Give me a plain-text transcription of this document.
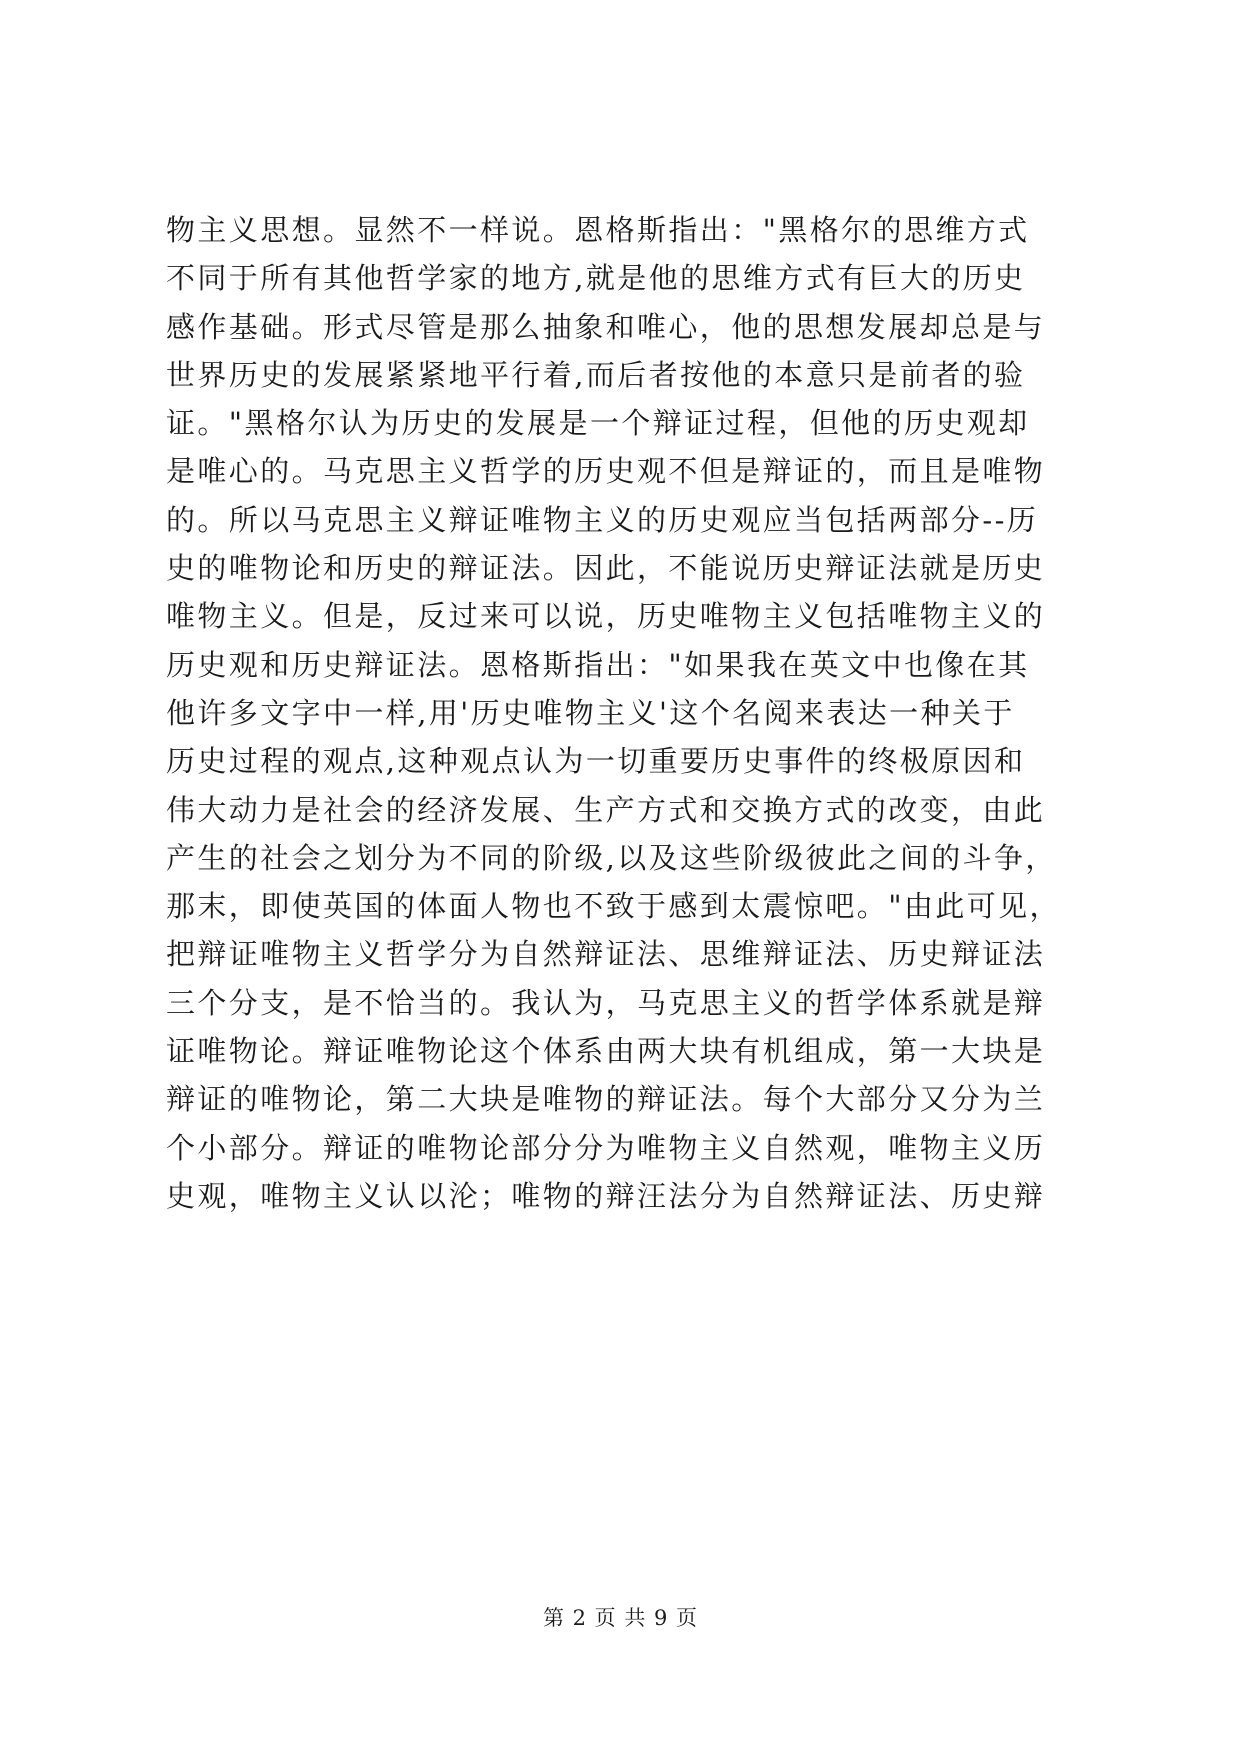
物主义思想。显然不一样说。恩格斯指出："黑格尔的思维方式
不同于所有其他哲学家的地方,就是他的思维方式有巨大的历史
感作基础。形式尽管是那么抽象和唯心，他的思想发展却总是与
世界历史的发展紧紧地平行着,而后者按他的本意只是前者的验
证。"黑格尔认为历史的发展是一个辩证过程，但他的历史观却
是唯心的。马克思主义哲学的历史观不但是辩证的，而且是唯物
的。所以马克思主义辩证唯物主义的历史观应当包括两部分--历
史的唯物论和历史的辩证法。因此，不能说历史辩证法就是历史
唯物主义。但是，反过来可以说，历史唯物主义包括唯物主义的
历史观和历史辩证法。恩格斯指出："如果我在英文中也像在其
他许多文字中一样,用'历史唯物主义'这个名阅来表达一种关于
历史过程的观点,这种观点认为一切重要历史事件的终极原因和
伟大动力是社会的经济发展、生产方式和交换方式的改变，由此
产生的社会之划分为不同的阶级,以及这些阶级彼此之间的斗争，
那末，即使英国的体面人物也不致于感到太震惊吧。"由此可见，
把辩证唯物主义哲学分为自然辩证法、思维辩证法、历史辩证法
三个分支，是不恰当的。我认为，马克思主义的哲学体系就是辩
证唯物论。辩证唯物论这个体系由两大块有机组成，第一大块是
辩证的唯物论，第二大块是唯物的辩证法。每个大部分又分为兰
个小部分。辩证的唯物论部分分为唯物主义自然观，唯物主义历
史观，唯物主义认以沦；唯物的辩汪法分为自然辩证法、历史辩
第 2 页 共 9 页
